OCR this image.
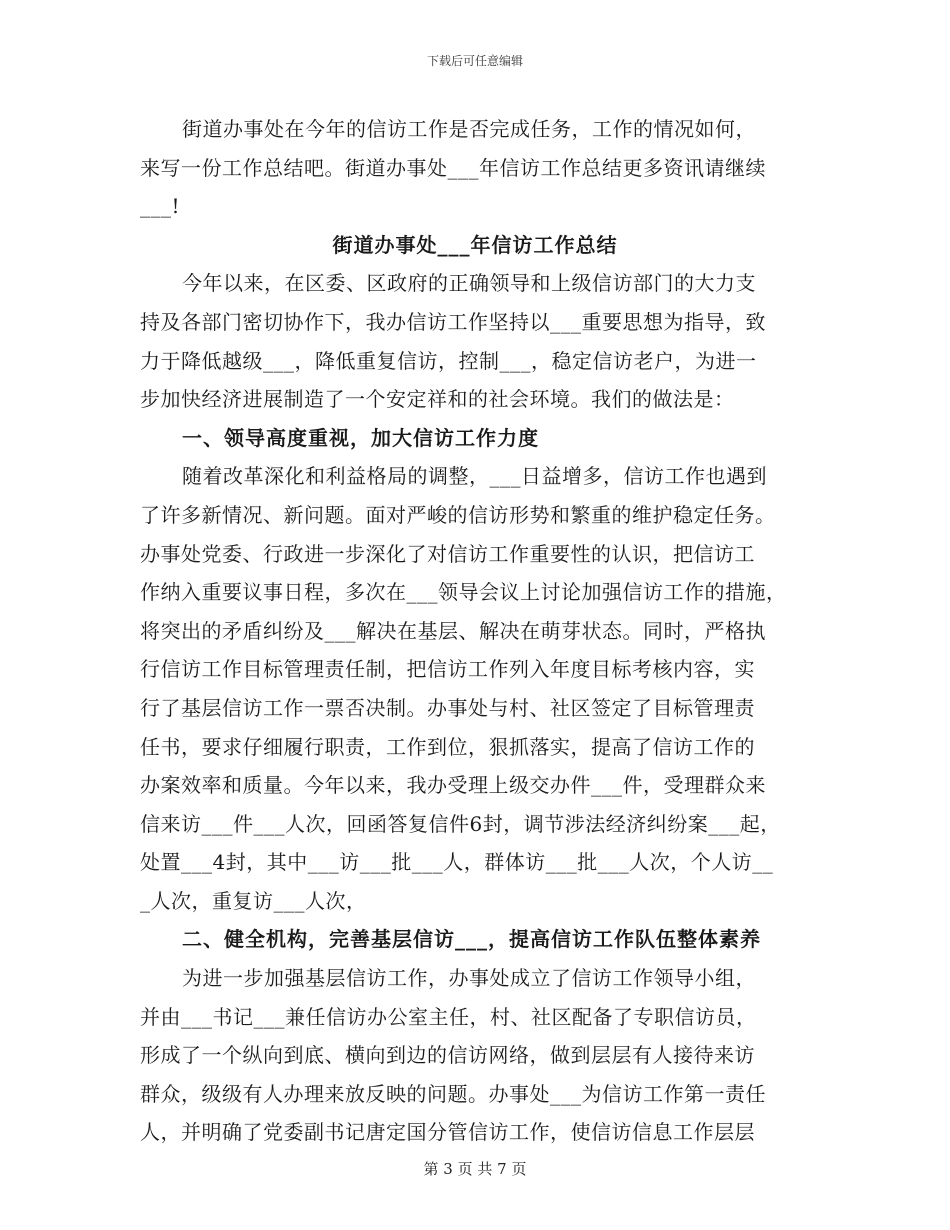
下载后可任意编辑
街道办事处在今年的信访工作是否完成任务，工作的情况如何，
来写一份工作总结吧。街道办事处___年信访工作总结更多资讯请继续
___!
街道办事处___年信访工作总结
今年以来，在区委、区政府的正确领导和上级信访部门的大力支
持及各部门密切协作下，我办信访工作坚持以___重要思想为指导，致
力于降低越级___，降低重复信访，控制___，稳定信访老户，为进一
步加快经济进展制造了一个安定祥和的社会环境。我们的做法是：
一、领导高度重视，加大信访工作力度
随着改革深化和利益格局的调整，___日益增多，信访工作也遇到
了许多新情况、新问题。面对严峻的信访形势和繁重的维护稳定任务。
办事处党委、行政进一步深化了对信访工作重要性的认识，把信访工
作纳入重要议事日程，多次在___领导会议上讨论加强信访工作的措施，
将突出的矛盾纠纷及___解决在基层、解决在萌芽状态。同时，严格执
行信访工作目标管理责任制，把信访工作列入年度目标考核内容，实
行了基层信访工作一票否决制。办事处与村、社区签定了目标管理责
任书，要求仔细履行职责，工作到位，狠抓落实，提高了信访工作的
办案效率和质量。今年以来，我办受理上级交办件___件，受理群众来
信来访___件___人次，回函答复信件6封，调节涉法经济纠纷案___起，
处置___4封，其中___访___批___人，群体访___批___人次，个人访__
_人次，重复访___人次，
二、健全机构，完善基层信访___，提高信访工作队伍整体素养
为进一步加强基层信访工作，办事处成立了信访工作领导小组，
并由___书记___兼任信访办公室主任，村、社区配备了专职信访员，
形成了一个纵向到底、横向到边的信访网络，做到层层有人接待来访
群众，级级有人办理来放反映的问题。办事处___为信访工作第一责任
人，并明确了党委副书记唐定国分管信访工作，使信访信息工作层层
第 3 页 共 7 页
